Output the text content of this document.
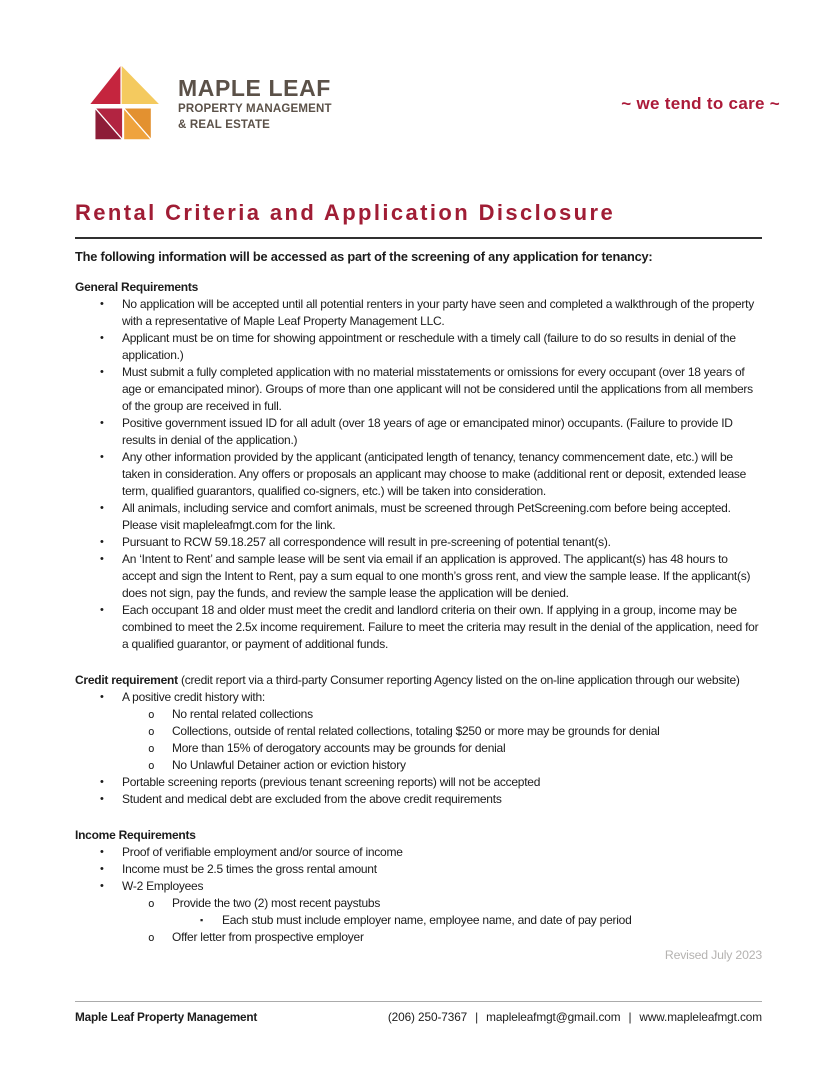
MAPLE LEAF
PROPERTY MANAGEMENT
& REAL ESTATE
~ we tend to care ~
Rental Criteria and Application Disclosure

The following information will be accessed as part of the screening of any application for tenancy:

General Requirements
•	No application will be accepted until all potential renters in your party have seen and completed a walkthrough of the property with a representative of Maple Leaf Property Management LLC.
•	Applicant must be on time for showing appointment or reschedule with a timely call (failure to do so results in denial of the application.)
•	Must submit a fully completed application with no material misstatements or omissions for every occupant (over 18 years of age or emancipated minor). Groups of more than one applicant will not be considered until the applications from all members of the group are received in full.
•	Positive government issued ID for all adult (over 18 years of age or emancipated minor) occupants. (Failure to provide ID results in denial of the application.)
•	Any other information provided by the applicant (anticipated length of tenancy, tenancy commencement date, etc.) will be taken in consideration. Any offers or proposals an applicant may choose to make (additional rent or deposit, extended lease term, qualified guarantors, qualified co-signers, etc.) will be taken into consideration.
•	All animals, including service and comfort animals, must be screened through PetScreening.com before being accepted. Please visit mapleleafmgt.com for the link.
•	Pursuant to RCW 59.18.257 all correspondence will result in pre-screening of potential tenant(s).
•	An ‘Intent to Rent’ and sample lease will be sent via email if an application is approved. The applicant(s) has 48 hours to accept and sign the Intent to Rent, pay a sum equal to one month’s gross rent, and view the sample lease. If the applicant(s) does not sign, pay the funds, and review the sample lease the application will be denied.
•	Each occupant 18 and older must meet the credit and landlord criteria on their own. If applying in a group, income may be combined to meet the 2.5x income requirement. Failure to meet the criteria may result in the denial of the application, need for a qualified guarantor, or payment of additional funds.
Credit requirement (credit report via a third-party Consumer reporting Agency listed on the on-line application through our website)
•	A positive credit history with:
o	No rental related collections
o	Collections, outside of rental related collections, totaling $250 or more may be grounds for denial
o	More than 15% of derogatory accounts may be grounds for denial
o	No Unlawful Detainer action or eviction history
•	Portable screening reports (previous tenant screening reports) will not be accepted
•	Student and medical debt are excluded from the above credit requirements
Income Requirements
•	Proof of verifiable employment and/or source of income
•	Income must be 2.5 times the gross rental amount
•	W-2 Employees
o	Provide the two (2) most recent paystubs
▪	Each stub must include employer name, employee name, and date of pay period
o	Offer letter from prospective employer
Revised July 2023
Maple Leaf Property Management	(206) 250-7367 | mapleleafmgt@gmail.com | www.mapleleafmgt.com
